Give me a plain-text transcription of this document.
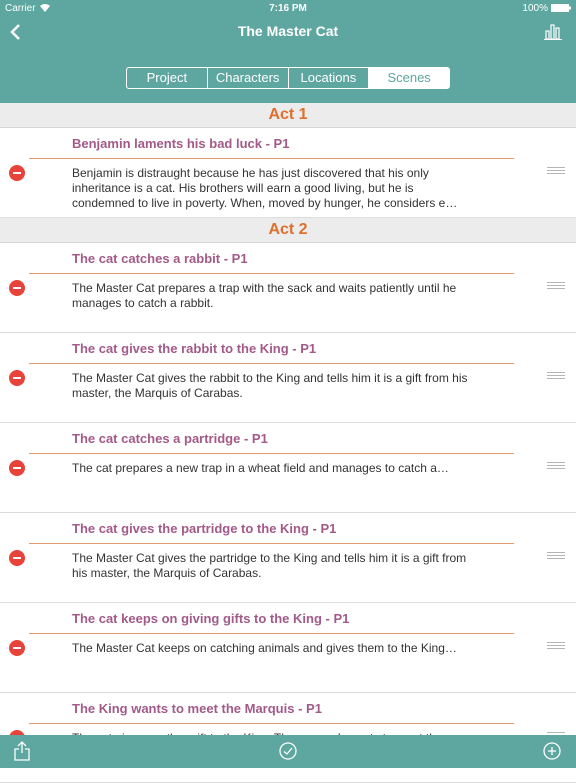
Carrier	7:16 PM	100%
The Master Cat
Project	Characters	Locations	Scenes
Act 1
Benjamin laments his bad luck - P1
Benjamin is distraught because he has just discovered that his only inheritance is a cat. His brothers will earn a good living, but he is condemned to live in poverty. When, moved by hunger, he considers e…
Act 2
The cat catches a rabbit - P1
The Master Cat prepares a trap with the sack and waits patiently until he manages to catch a rabbit.
The cat gives the rabbit to the King - P1
The Master Cat gives the rabbit to the King and tells him it is a gift from his master, the Marquis of Carabas.
The cat catches a partridge - P1
The cat prepares a new trap in a wheat field and manages to catch a…
The cat gives the partridge to the King - P1
The Master Cat gives the partridge to the King and tells him it is a gift from his master, the Marquis of Carabas.
The cat keeps on giving gifts to the King - P1
The Master Cat keeps on catching animals and gives them to the King…
The King wants to meet the Marquis - P1
